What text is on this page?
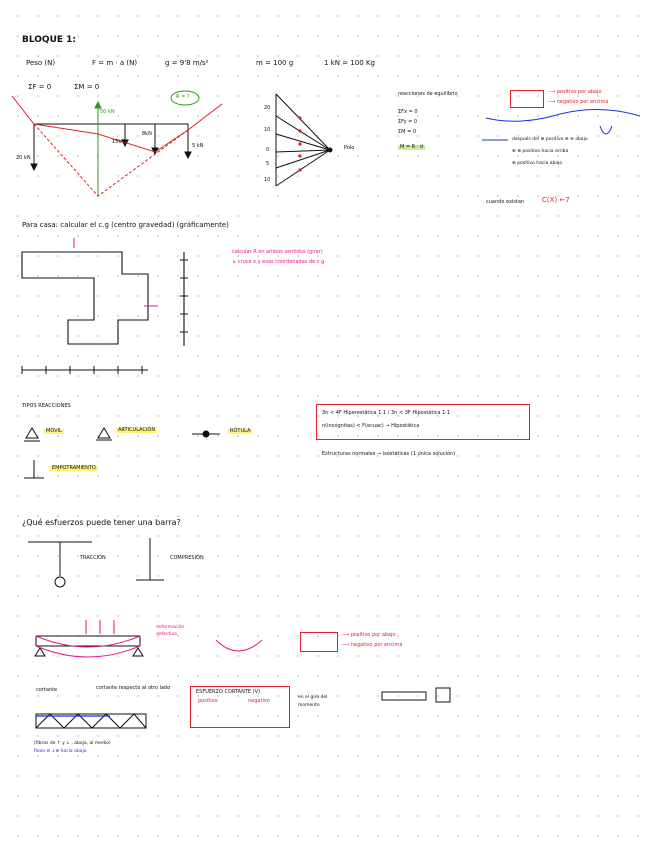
BLOQUE 1:
Peso (N)	F = m · a (N)	g = 9'8 m/s²	m = 100 g	1 kN = 100 Kg
ΣF = 0	ΣM = 0
50 kN
20 kN
15kN
8kN
5 kN
R = ?
20
10
0
5
10
Polo
reacciones de equilibrio
ΣFx = 0
ΣFy = 0
ΣM = 0
M = R · d
⟶ positivo por abajo
⟶ negativo por encima
después del ⊕ positivo ⊕ ⊖ abajo
⊕ ⊕ positivo hacia arriba
⊕ positivo hacia abajo
cuando existan	C(X) ←7
Para casa: calcular el c.g (centro gravedad) (gráficamente)
calcular R en ambos sentidos (girar)
↳ cruce x,y esas coordenadas de c.g
TIPOS REACCIONES
MÓVIL	ARTICULACIÓN	RÓTULA
EMPOTRAMIENTO
3n < 4F Hiperestática 1·1 / 3n < 3F Hipostática 1·1
n(incógnitas) < F(ecuac) → Hipostática
Estructuras normales → isostáticas (1 única solución)
¿Qué esfuerzos puede tener una barra?
TRACCIÓN	COMPRESIÓN
deformación
defectiva	⟶ positivo por abajo
⟶ negativo por encima
cortante	cortante respecto al otro lado
ESFUERZO CORTANTE (V)
positivo	negativo
en el giro del
momento
(fibras de ↑ y ↓ , abajo, al medio)
flexa ⊖ ↓⊕ hacia abajo
